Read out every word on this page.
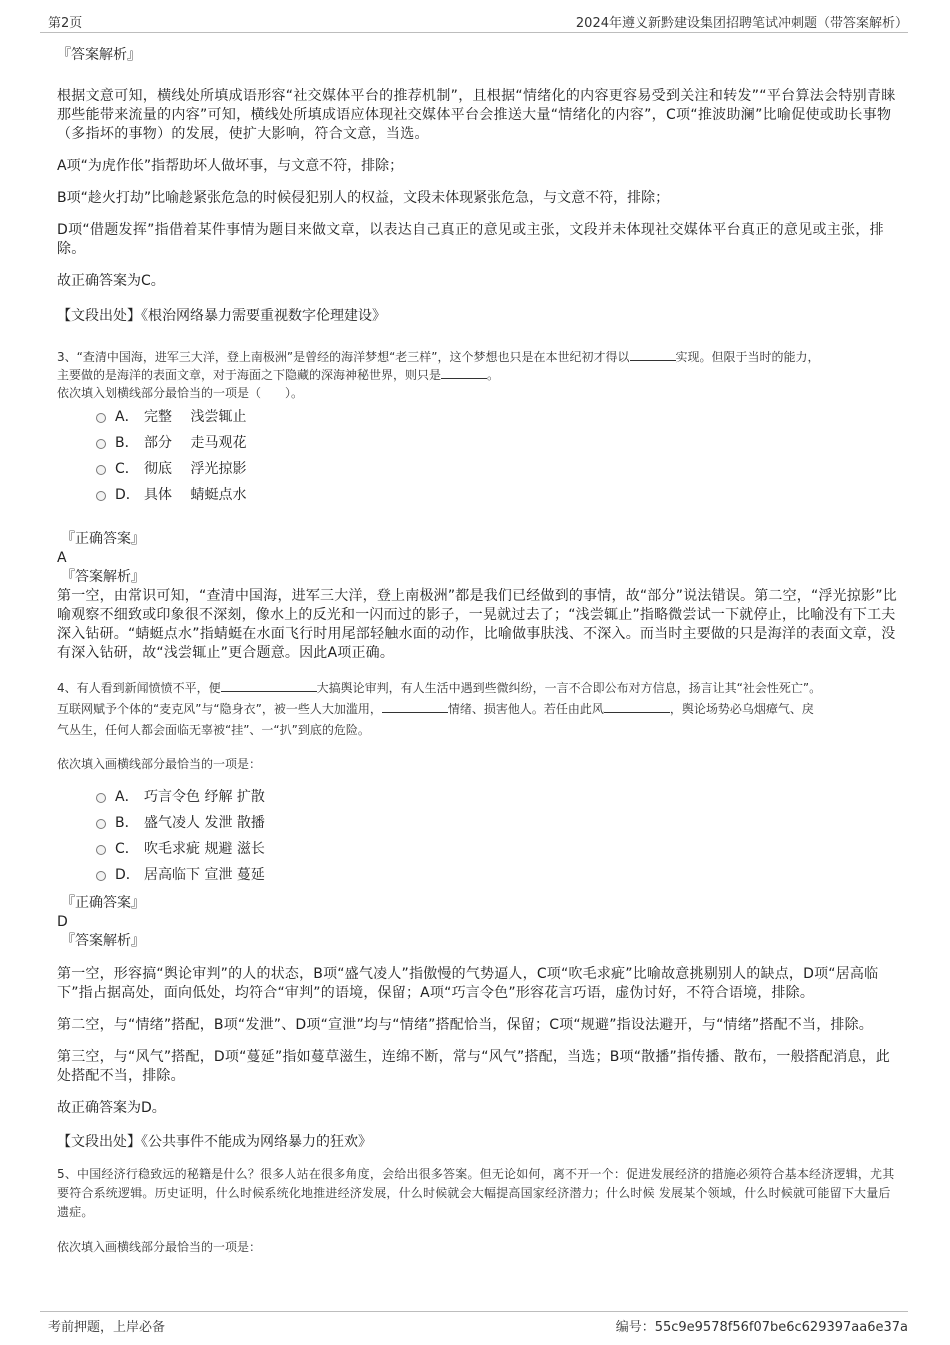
第2页	2024年遵义新黔建设集团招聘笔试冲刺题（带答案解析）

『答案解析』

根据文意可知，横线处所填成语形容“社交媒体平台的推荐机制”，且根据“情绪化的内容更容易受到关注和转发”“平台算法会特别青睐那些能带来流量的内容”可知，横线处所填成语应体现社交媒体平台会推送大量“情绪化的内容”，C项“推波助澜”比喻促使或助长事物（多指坏的事物）的发展，使扩大影响，符合文意，当选。

A项“为虎作伥”指帮助坏人做坏事，与文意不符，排除；

B项“趁火打劫”比喻趁紧张危急的时候侵犯别人的权益，文段未体现紧张危急，与文意不符，排除；

D项“借题发挥”指借着某件事情为题目来做文章，以表达自己真正的意见或主张，文段并未体现社交媒体平台真正的意见或主张，排除。

故正确答案为C。

【文段出处】《根治网络暴力需要重视数字伦理建设》

3、“查清中国海，进军三大洋，登上南极洲”是曾经的海洋梦想“老三样”，这个梦想也只是在本世纪初才得以	实现。但限于当时的能力，

主要做的是海洋的表面文章，对于海面之下隐藏的深海神秘世界，则只是	。

依次填入划横线部分最恰当的一项是（　　）。

A． 完整　 浅尝辄止
B． 部分　 走马观花
C． 彻底　 浮光掠影
D． 具体　 蜻蜓点水

『正确答案』

A

『答案解析』

第一空，由常识可知，“查清中国海，进军三大洋，登上南极洲”都是我们已经做到的事情，故“部分”说法错误。第二空，“浮光掠影”比喻观察不细致或印象很不深刻，像水上的反光和一闪而过的影子，一晃就过去了；“浅尝辄止”指略微尝试一下就停止，比喻没有下工夫深入钻研。“蜻蜓点水”指蜻蜓在水面飞行时用尾部轻触水面的动作，比喻做事肤浅、不深入。而当时主要做的只是海洋的表面文章，没有深入钻研，故“浅尝辄止”更合题意。因此A项正确。

4、有人看到新闻愤愤不平，便	大搞舆论审判，有人生活中遇到些微纠纷，一言不合即公布对方信息，扬言让其“社会性死亡”。
互联网赋予个体的“麦克风”与“隐身衣”，被一些人大加滥用，	情绪、损害他人。若任由此风	，舆论场势必乌烟瘴气、戾
气丛生，任何人都会面临无辜被“挂”、一“扒”到底的危险。

依次填入画横线部分最恰当的一项是：

A． 巧言令色 纾解 扩散
B． 盛气凌人 发泄 散播
C． 吹毛求疵 规避 滋长
D． 居高临下 宣泄 蔓延

『正确答案』

D

『答案解析』

第一空，形容搞“舆论审判”的人的状态，B项“盛气凌人”指傲慢的气势逼人，C项“吹毛求疵”比喻故意挑剔别人的缺点，D项“居高临下”指占据高处，面向低处，均符合“审判”的语境，保留；A项“巧言令色”形容花言巧语，虚伪讨好，不符合语境，排除。

第二空，与“情绪”搭配，B项“发泄”、D项“宣泄”均与“情绪”搭配恰当，保留；C项“规避”指设法避开，与“情绪”搭配不当，排除。

第三空，与“风气”搭配，D项“蔓延”指如蔓草滋生，连绵不断，常与“风气”搭配，当选；B项“散播”指传播、散布，一般搭配消息，此处搭配不当，排除。

故正确答案为D。

【文段出处】《公共事件不能成为网络暴力的狂欢》

5、中国经济行稳致远的秘籍是什么？很多人站在很多角度，会给出很多答案。但无论如何，离不开一个：促进发展经济的措施必须符合基本经济逻辑，尤其要符合系统逻辑。历史证明，什么时候系统化地推进经济发展，什么时候就会大幅提高国家经济潜力；什么时候 发展某个领域，什么时候就可能留下大量后遗症。

依次填入画横线部分最恰当的一项是：

考前押题，上岸必备	编号：55c9e9578f56f07be6c629397aa6e37a
